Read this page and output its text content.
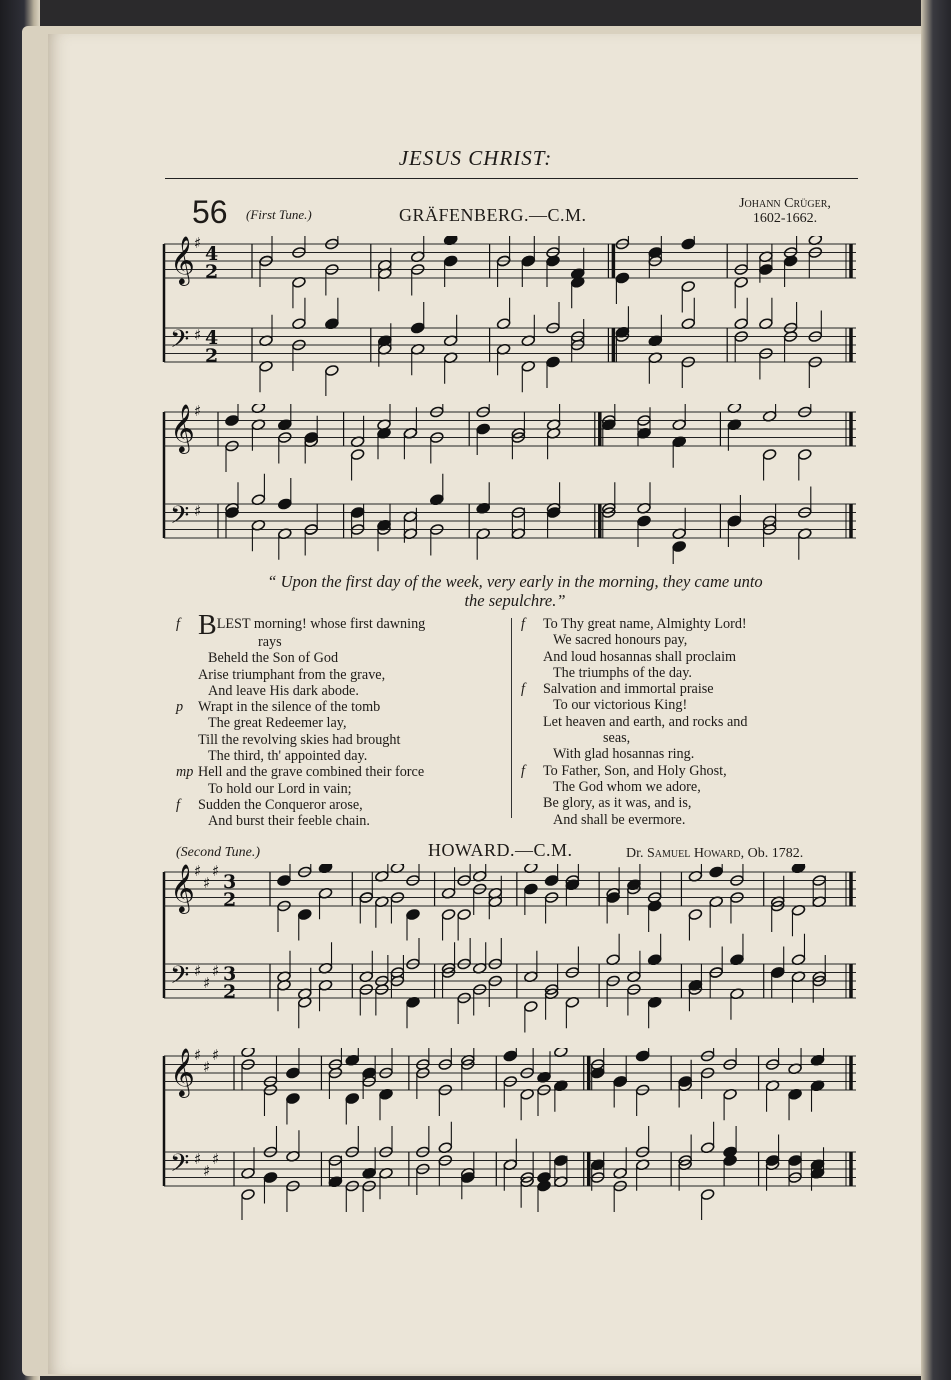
JESUS CHRIST:
56 (First Tune.)	GRÄFENBERG.—C.M.
Johann Crüger,
1602-1662.
𝄞 ♯ 4
2
𝄢 ♯ 4
2
𝄞 ♯
𝄢 ♯
“ Upon the first day of the week, very early in the morning, they came unto
the sepulchre.”
f BLEST morning! whose first dawning
rays
Beheld the Son of God
Arise triumphant from the grave,
And leave His dark abode.
p Wrapt in the silence of the tomb
The great Redeemer lay,
Till the revolving skies had brought
The third, th' appointed day.
mp Hell and the grave combined their force
To hold our Lord in vain;
f Sudden the Conqueror arose,
And burst their feeble chain.
f To Thy great name, Almighty Lord!
We sacred honours pay,
And loud hosannas shall proclaim
The triumphs of the day.
f Salvation and immortal praise
To our victorious King!
Let heaven and earth, and rocks and
seas,
With glad hosannas ring.
f To Father, Son, and Holy Ghost,
The God whom we adore,
Be glory, as it was, and is,
And shall be evermore.
(Second Tune.)	HOWARD.—C.M.	Dr. Samuel Howard, Ob. 1782.
𝄞 ♯
♯
♯ 3
2
𝄢 ♯
♯
♯ 3
2
𝄞 ♯
♯
♯
𝄢 ♯
♯
♯
